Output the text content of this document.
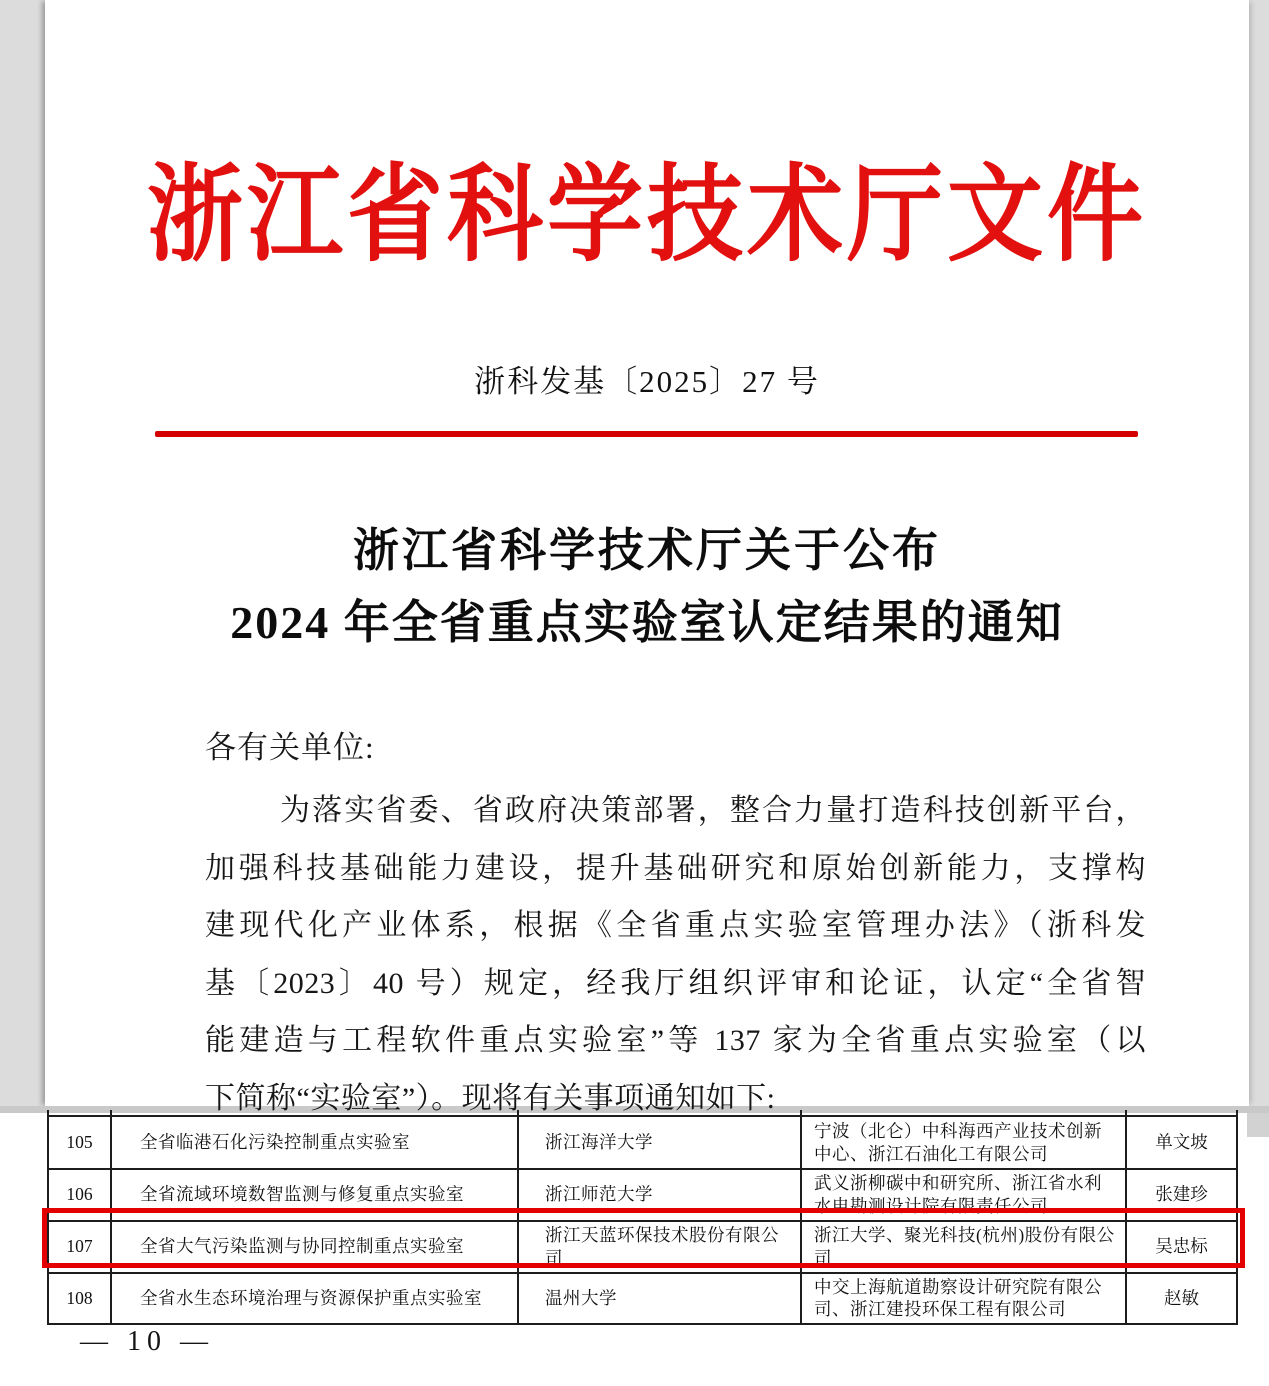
浙江省科学技术厅文件
浙科发基〔2025〕27 号
浙江省科学技术厅关于公布
2024 年全省重点实验室认定结果的通知
各有关单位:
为落实省委、省政府决策部署，整合力量打造科技创新平台，
加强科技基础能力建设，提升基础研究和原始创新能力，支撑构
建现代化产业体系，根据《全省重点实验室管理办法》（浙科发
基〔2023〕40 号）规定，经我厅组织评审和论证，认定“全省智
能建造与工程软件重点实验室”等 137 家为全省重点实验室（以
下简称“实验室”）。现将有关事项通知如下:

105	全省临港石化污染控制重点实验室	浙江海洋大学	宁波（北仑）中科海西产业技术创新中心、浙江石油化工有限公司	单文坡
106	全省流域环境数智监测与修复重点实验室	浙江师范大学	武义浙柳碳中和研究所、浙江省水利水电勘测设计院有限责任公司	张建珍
107	全省大气污染监测与协同控制重点实验室	浙江天蓝环保技术股份有限公司	浙江大学、聚光科技(杭州)股份有限公司	吴忠标
108	全省水生态环境治理与资源保护重点实验室	温州大学	中交上海航道勘察设计研究院有限公司、浙江建投环保工程有限公司	赵敏
— 10 —
